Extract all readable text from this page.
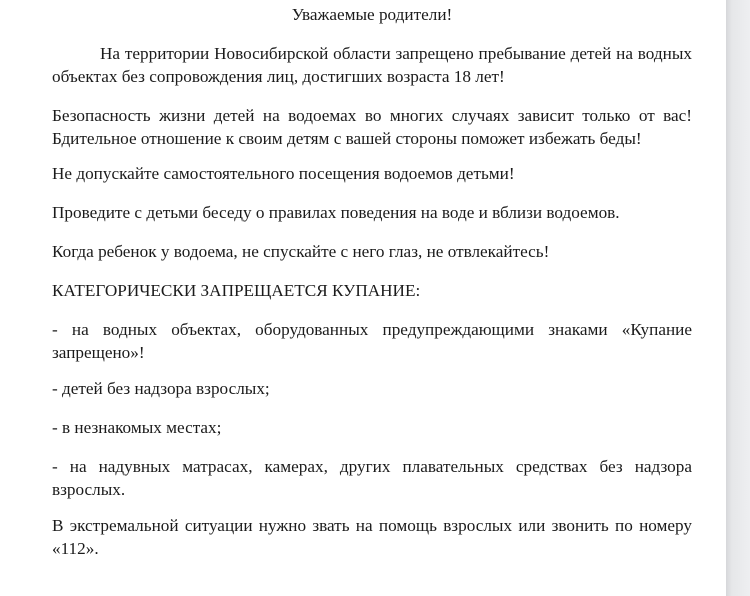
Уважаемые родители!

На территории Новосибирской области запрещено пребывание детей на водных объектах без сопровождения лиц, достигших возраста 18 лет!

Безопасность жизни детей на водоемах во многих случаях зависит только от вас! Бдительное отношение к своим детям с вашей стороны поможет избежать беды!

Не допускайте самостоятельного посещения водоемов детьми!

Проведите с детьми беседу о правилах поведения на воде и вблизи водоемов.

Когда ребенок у водоема, не спускайте с него глаз, не отвлекайтесь!

КАТЕГОРИЧЕСКИ ЗАПРЕЩАЕТСЯ КУПАНИЕ:

- на водных объектах, оборудованных предупреждающими знаками «Купание запрещено»!

- детей без надзора взрослых;

- в незнакомых местах;

- на надувных матрасах, камерах, других плавательных средствах без надзора взрослых.

В экстремальной ситуации нужно звать на помощь взрослых или звонить по номеру «112».
